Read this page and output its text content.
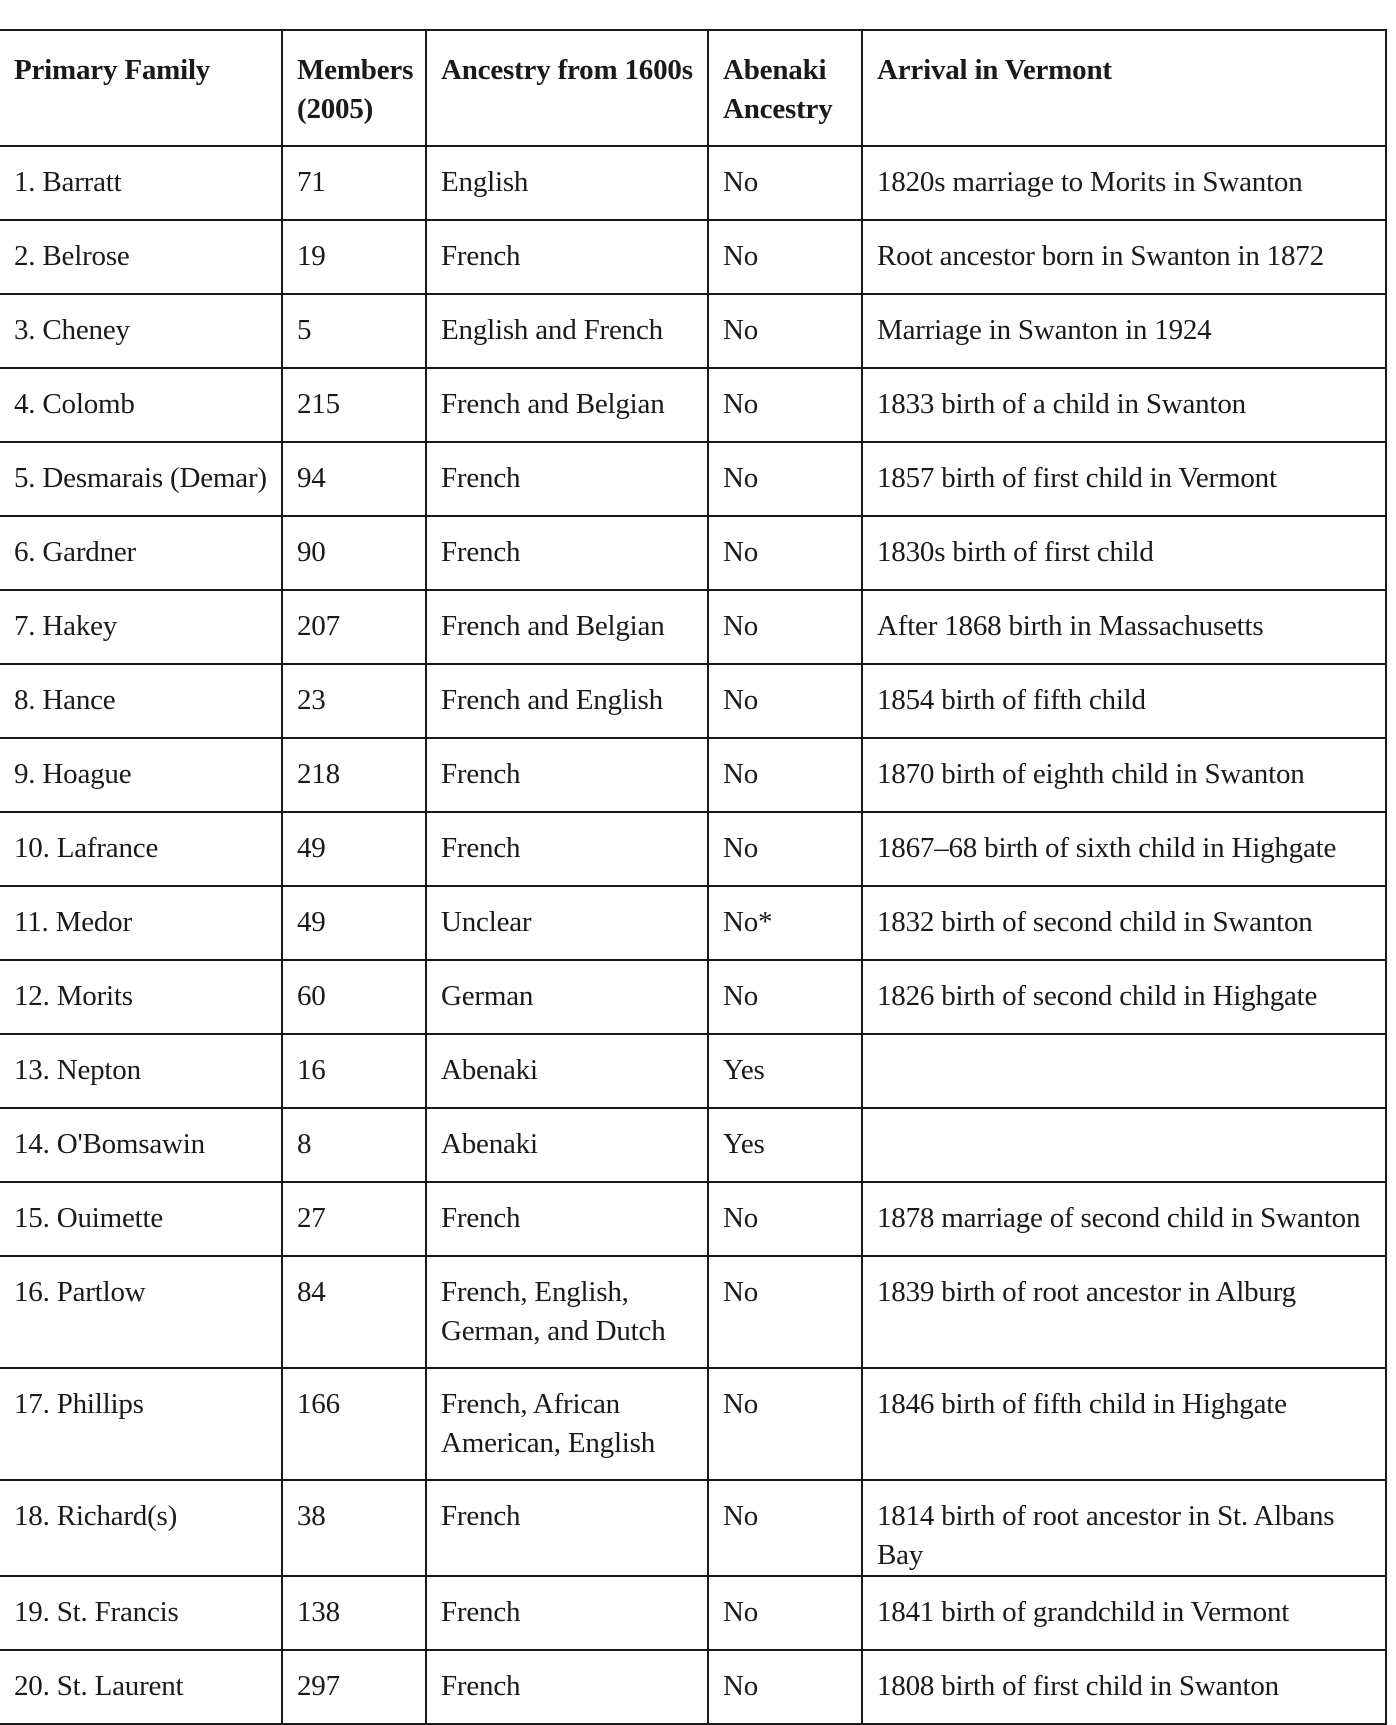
Primary Family	Members (2005)	Ancestry from 1600s	Abenaki Ancestry	Arrival in Vermont
1. Barratt	71	English	No	1820s marriage to Morits in Swanton
2. Belrose	19	French	No	Root ancestor born in Swanton in 1872
3. Cheney	5	English and French	No	Marriage in Swanton in 1924
4. Colomb	215	French and Belgian	No	1833 birth of a child in Swanton
5. Desmarais (Demar)	94	French	No	1857 birth of first child in Vermont
6. Gardner	90	French	No	1830s birth of first child
7. Hakey	207	French and Belgian	No	After 1868 birth in Massachusetts
8. Hance	23	French and English	No	1854 birth of fifth child
9. Hoague	218	French	No	1870 birth of eighth child in Swanton
10. Lafrance	49	French	No	1867–68 birth of sixth child in Highgate
11. Medor	49	Unclear	No*	1832 birth of second child in Swanton
12. Morits	60	German	No	1826 birth of second child in Highgate
13. Nepton	16	Abenaki	Yes	
14. O'Bomsawin	8	Abenaki	Yes	
15. Ouimette	27	French	No	1878 marriage of second child in Swanton
16. Partlow	84	French, English, German, and Dutch	No	1839 birth of root ancestor in Alburg
17. Phillips	166	French, African American, English	No	1846 birth of fifth child in Highgate
18. Richard(s)	38	French	No	1814 birth of root ancestor in St. Albans Bay
19. St. Francis	138	French	No	1841 birth of grandchild in Vermont
20. St. Laurent	297	French	No	1808 birth of first child in Swanton
